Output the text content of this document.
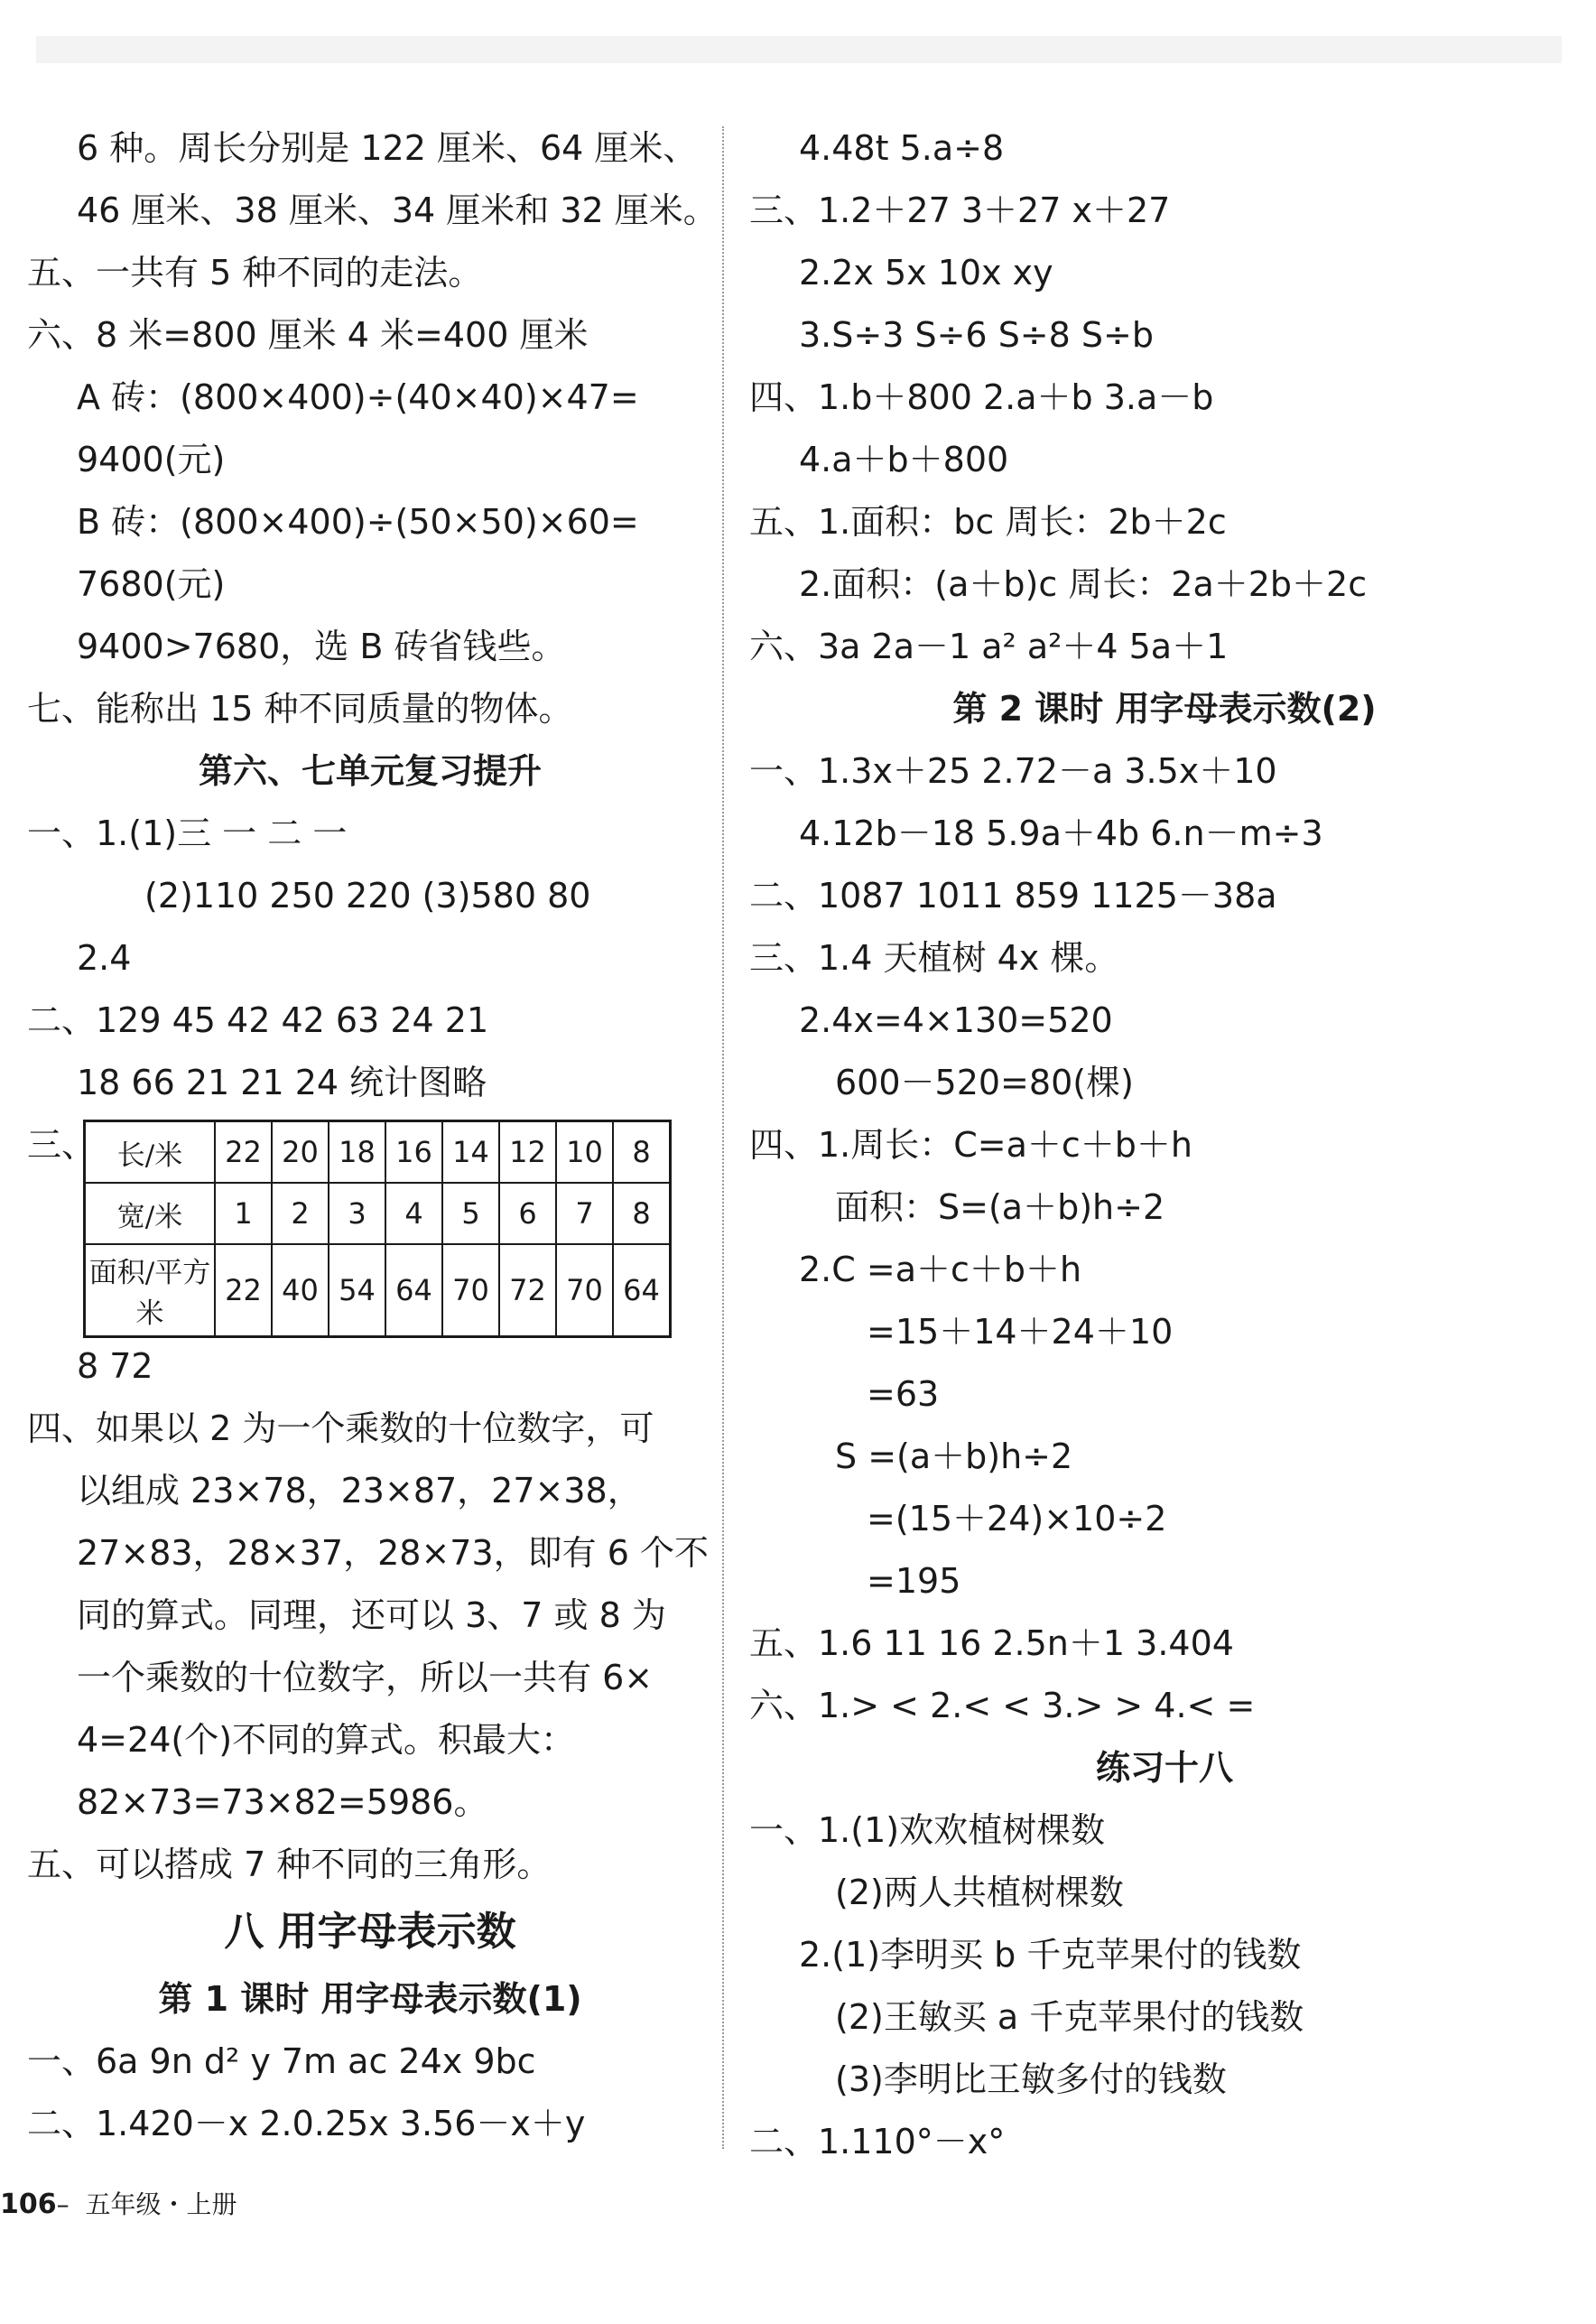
6 种。周长分别是 122 厘米、64 厘米、
46 厘米、38 厘米、34 厘米和 32 厘米。
五、一共有 5 种不同的走法。
六、8 米=800 厘米 4 米=400 厘米
A 砖：(800×400)÷(40×40)×47=
9400(元)
B 砖：(800×400)÷(50×50)×60=
7680(元)
9400>7680，选 B 砖省钱些。
七、能称出 15 种不同质量的物体。
第六、七单元复习提升
一、1.(1)三 一 二 一
(2)110 250 220 (3)580 80
2.4
二、129 45 42 42 63 24 21
18 66 21 21 24 统计图略
三、 长/米	22	20	18	16	14	12	10	8
宽/米	1	2	3	4	5	6	7	8
面积/平方米	22	40	54	64	70	72	70	64
8 72
四、如果以 2 为一个乘数的十位数字，可
以组成 23×78，23×87，27×38，
27×83，28×37，28×73，即有 6 个不
同的算式。同理，还可以 3、7 或 8 为
一个乘数的十位数字，所以一共有 6×
4=24(个)不同的算式。积最大：
82×73=73×82=5986。
五、可以搭成 7 种不同的三角形。
八 用字母表示数
第 1 课时 用字母表示数(1)
一、6a 9n d² y 7m ac 24x 9bc
二、1.420－x 2.0.25x 3.56－x＋y
4.48t 5.a÷8
三、1.2＋27 3＋27 x＋27
2.2x 5x 10x xy
3.S÷3 S÷6 S÷8 S÷b
四、1.b＋800 2.a＋b 3.a－b
4.a＋b＋800
五、1.面积：bc 周长：2b＋2c
2.面积：(a＋b)c 周长：2a＋2b＋2c
六、3a 2a－1 a² a²＋4 5a＋1
第 2 课时 用字母表示数(2)
一、1.3x＋25 2.72－a 3.5x＋10
4.12b－18 5.9a＋4b 6.n－m÷3
二、1087 1011 859 1125－38a
三、1.4 天植树 4x 棵。
2.4x=4×130=520
600－520=80(棵)
四、1.周长：C=a＋c＋b＋h
面积：S=(a＋b)h÷2
2.C =a＋c＋b＋h
=15＋14＋24＋10
=63
S =(a＋b)h÷2
=(15＋24)×10÷2
=195
五、1.6 11 16 2.5n＋1 3.404
六、1.> < 2.< < 3.> > 4.< =
练习十八
一、1.(1)欢欢植树棵数
(2)两人共植树棵数
2.(1)李明买 b 千克苹果付的钱数
(2)王敏买 a 千克苹果付的钱数
(3)李明比王敏多付的钱数
二、1.110°－x°
106–  五年级・上册
